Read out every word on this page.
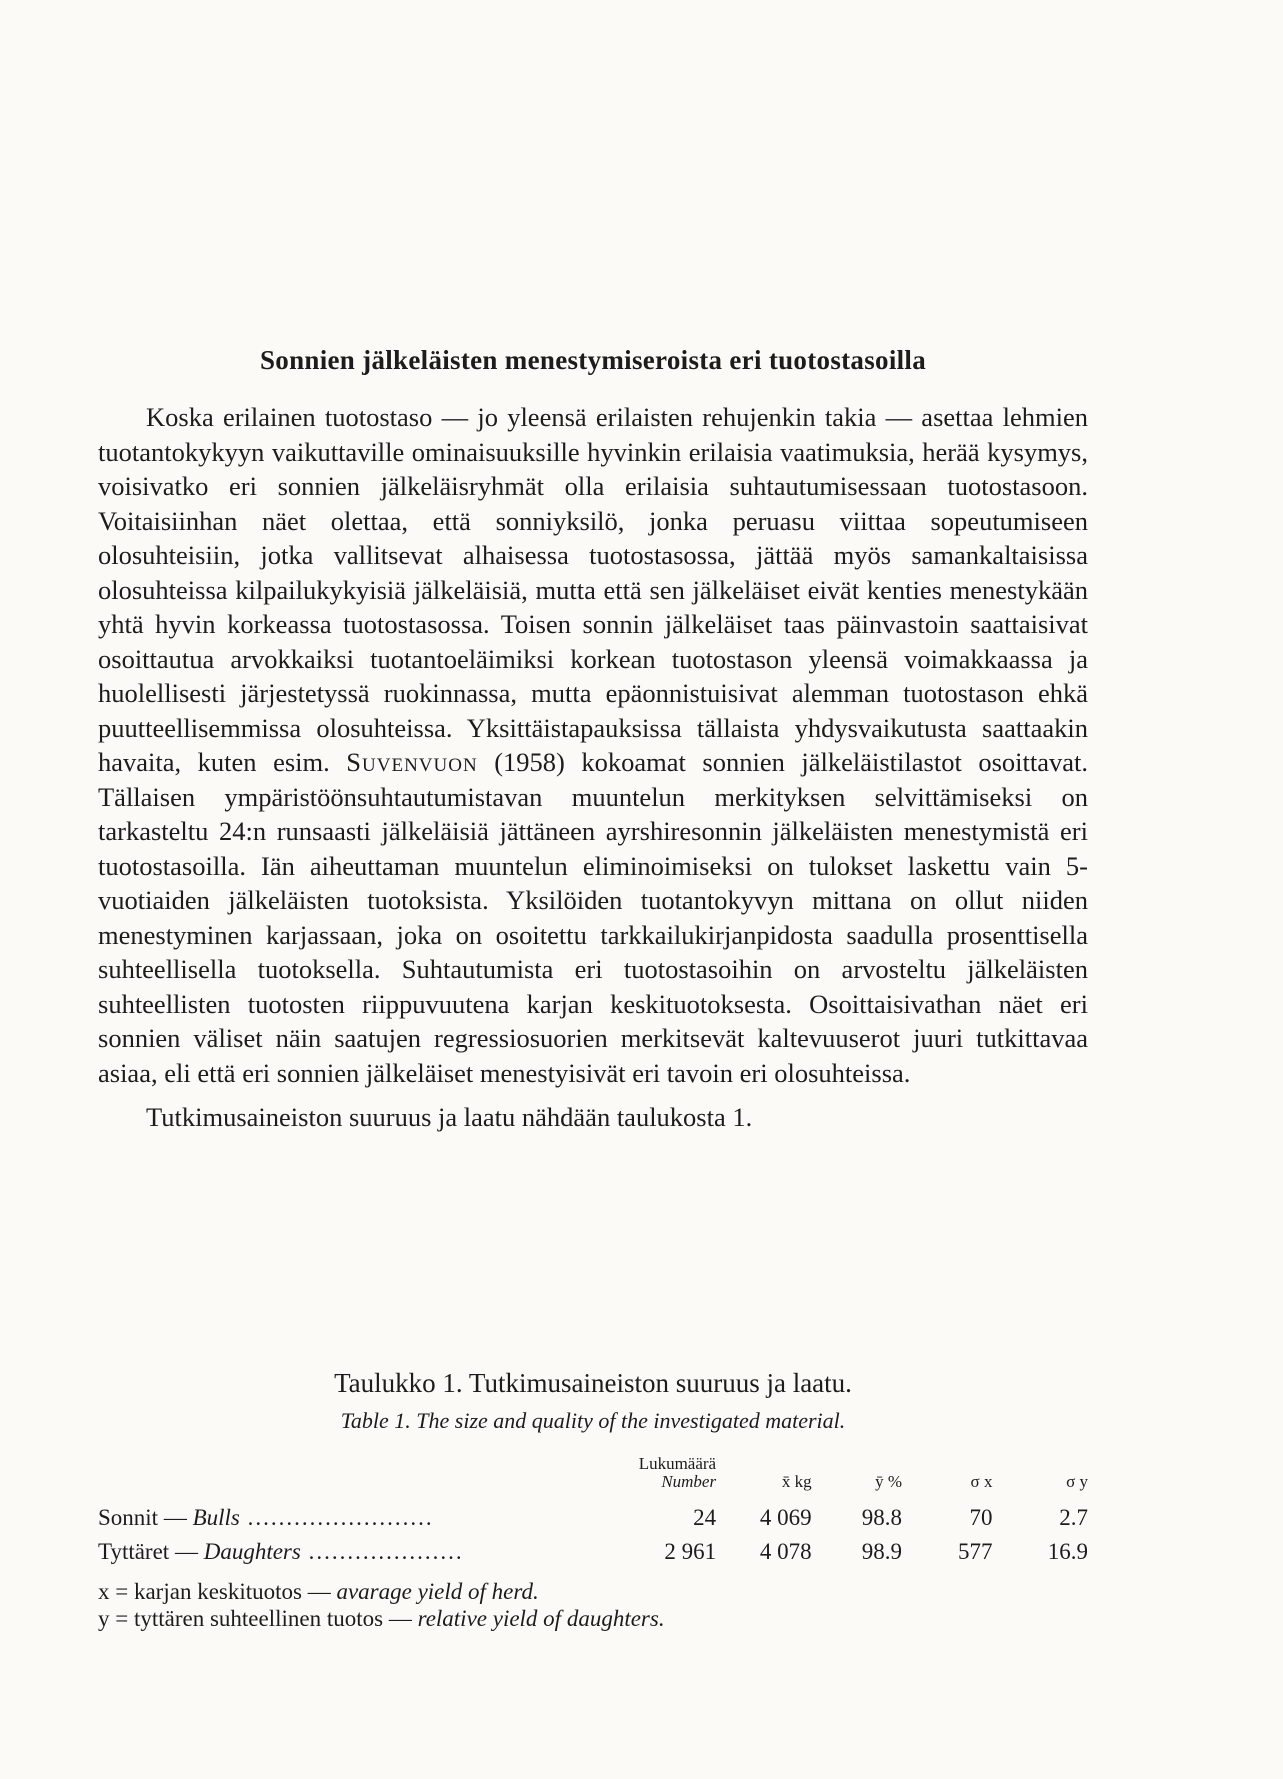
Sonnien jälkeläisten menestymiseroista eri tuotostasoilla

Koska erilainen tuotostaso — jo yleensä erilaisten rehujenkin takia — asettaa lehmien tuotantokykyyn vaikuttaville ominaisuuksille hyvinkin erilaisia vaatimuksia, herää kysymys, voisivatko eri sonnien jälkeläisryhmät olla erilaisia suhtautumisessaan tuotostasoon. Voitaisiinhan näet olettaa, että sonniyksilö, jonka peruasu viittaa sopeutumiseen olosuhteisiin, jotka vallitsevat alhaisessa tuotostasossa, jättää myös samankaltaisissa olosuhteissa kilpailukykyisiä jälkeläisiä, mutta että sen jälkeläiset eivät kenties menestykään yhtä hyvin korkeassa tuotostasossa. Toisen sonnin jälkeläiset taas päinvastoin saattaisivat osoittautua arvokkaiksi tuotantoeläimiksi korkean tuotostason yleensä voimakkaassa ja huolellisesti järjestetyssä ruokinnassa, mutta epäonnistuisivat alemman tuotostason ehkä puutteellisemmissa olosuhteissa. Yksittäistapauksissa tällaista yhdysvaikutusta saattaakin havaita, kuten esim. Suvenvuon (1958) kokoamat sonnien jälkeläistilastot osoittavat. Tällaisen ympäristöönsuhtautumistavan muuntelun merkityksen selvittämiseksi on tarkasteltu 24:n runsaasti jälkeläisiä jättäneen ayrshiresonnin jälkeläisten menestymistä eri tuotostasoilla. Iän aiheuttaman muuntelun eliminoimiseksi on tulokset laskettu vain 5-vuotiaiden jälkeläisten tuotoksista. Yksilöiden tuotantokyvyn mittana on ollut niiden menestyminen karjassaan, joka on osoitettu tarkkailukirjanpidosta saadulla prosenttisella suhteellisella tuotoksella. Suhtautumista eri tuotostasoihin on arvosteltu jälkeläisten suhteellisten tuotosten riippuvuutena karjan keskituotoksesta. Osoittaisivathan näet eri sonnien väliset näin saatujen regressiosuorien merkitsevät kaltevuuserot juuri tutkittavaa asiaa, eli että eri sonnien jälkeläiset menestyisivät eri tavoin eri olosuhteissa.

Tutkimusaineiston suuruus ja laatu nähdään taulukosta 1.

Taulukko 1. Tutkimusaineiston suuruus ja laatu.
Table 1. The size and quality of the investigated material.
	Lukumäärä
Number	x̄ kg	ȳ %	σ x	σ y
Sonnit — Bulls ........................	24	4 069	98.8	70	2.7
Tyttäret — Daughters ....................	2 961	4 078	98.9	577	16.9
x = karjan keskituotos — avarage yield of herd.
y = tyttären suhteellinen tuotos — relative yield of daughters.
